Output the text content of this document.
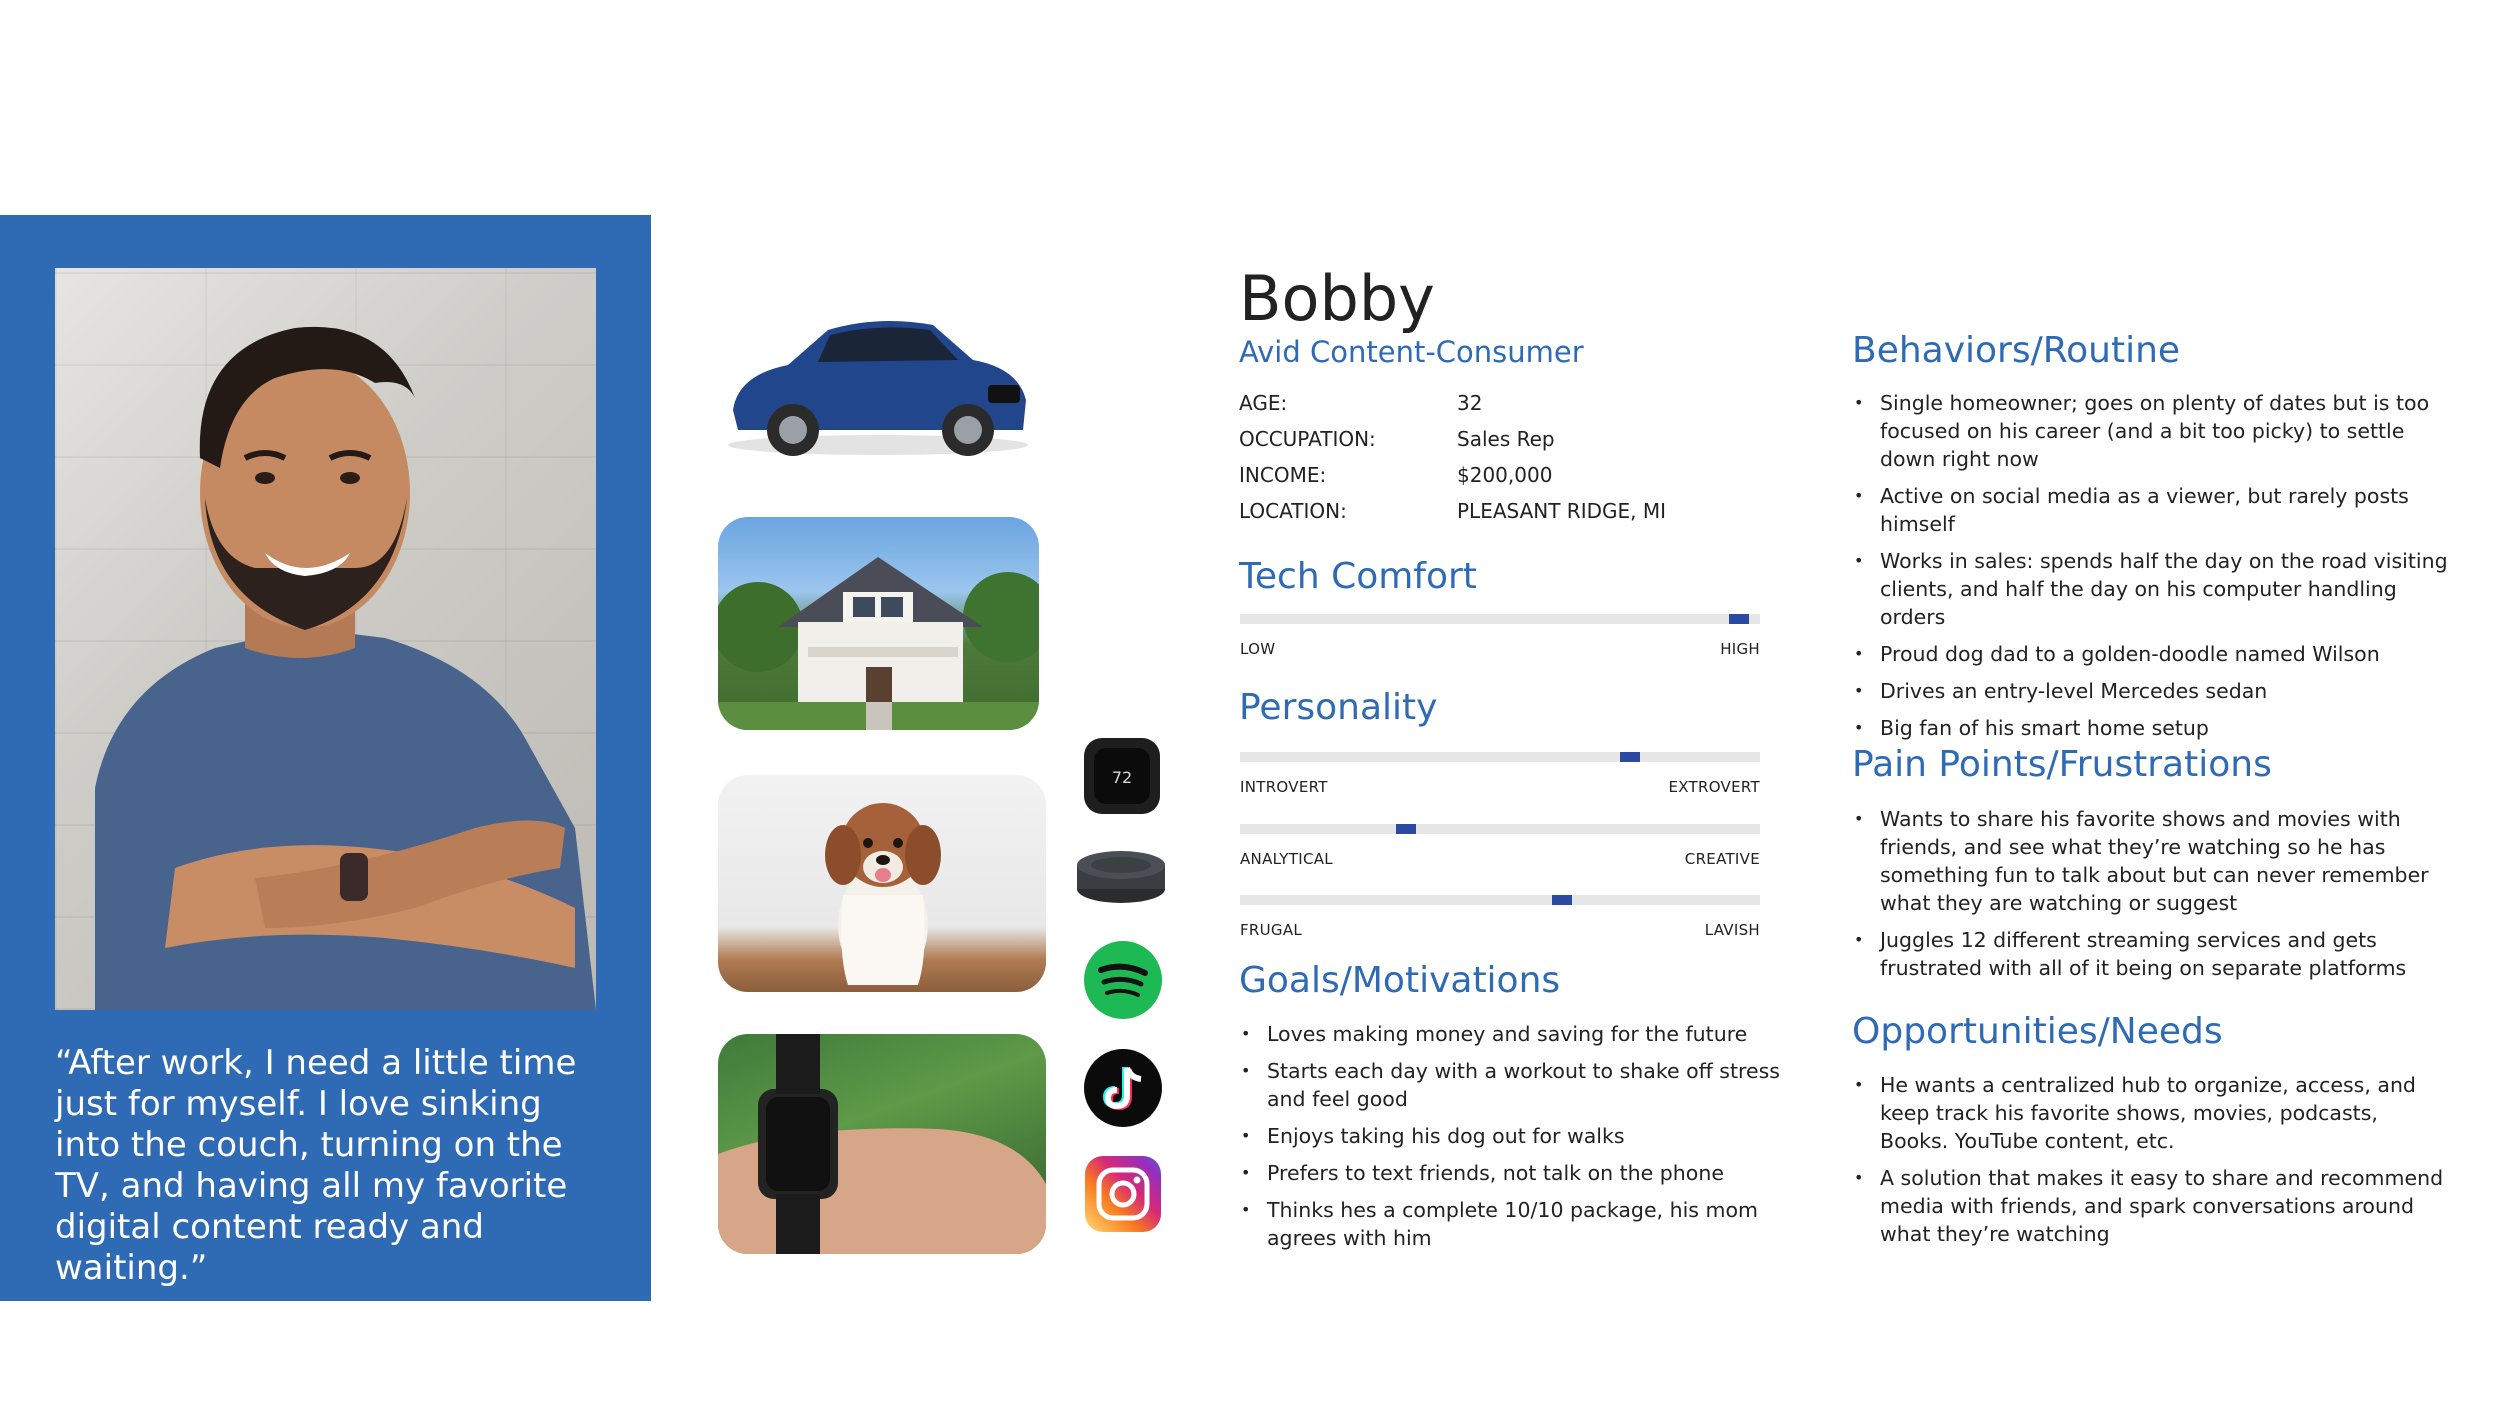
“After work, I need a little time just for myself. I love sinking into the couch, turning on the TV, and having all my favorite digital content ready and waiting.”

72
Bobby
Avid Content-Consumer
AGE:	32
OCCUPATION:	Sales Rep
INCOME:	$200,000
LOCATION:	PLEASANT RIDGE, MI
Tech Comfort
LOW	HIGH
Personality
INTROVERT	EXTROVERT
ANALYTICAL	CREATIVE
FRUGAL	LAVISH
Goals/Motivations
• Loves making money and saving for the future
• Starts each day with a workout to shake off stress and feel good
• Enjoys taking his dog out for walks
• Prefers to text friends, not talk on the phone
• Thinks hes a complete 10/10 package, his mom agrees with him
Behaviors/Routine
• Single homeowner; goes on plenty of dates but is too focused on his career (and a bit too picky) to settle down right now
• Active on social media as a viewer, but rarely posts himself
• Works in sales: spends half the day on the road visiting clients, and half the day on his computer handling orders
• Proud dog dad to a golden-doodle named Wilson
• Drives an entry-level Mercedes sedan
• Big fan of his smart home setup
Pain Points/Frustrations
• Wants to share his favorite shows and movies with friends, and see what they’re watching so he has something fun to talk about but can never remember what they are watching or suggest
• Juggles 12 different streaming services and gets frustrated with all of it being on separate platforms
Opportunities/Needs
• He wants a centralized hub to organize, access, and keep track his favorite shows, movies, podcasts, Books. YouTube content, etc.
• A solution that makes it easy to share and recommend media with friends, and spark conversations around what they’re watching
